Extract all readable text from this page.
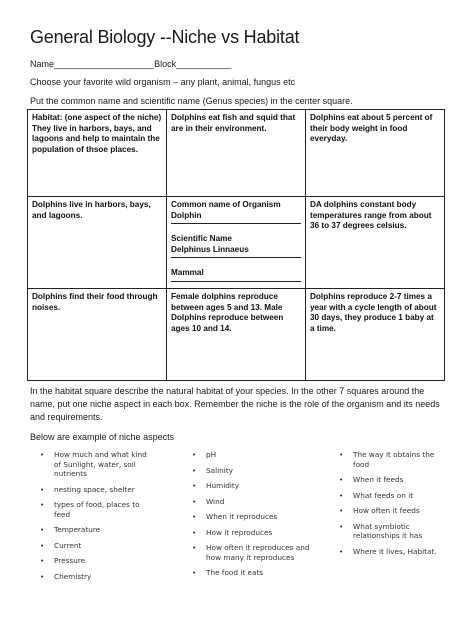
General Biology --Niche vs Habitat
Name____________________Block___________
Choose your favorite wild organism – any plant, animal, fungus etc
Put the common name and scientific name (Genus species) in the center square.
Habitat: (one aspect of the niche) They live in harbors, bays, and lagoons and help to maintain the population of thsoe places.	Dolphins eat fish and squid that are in their environment.	Dolphins eat about 5 percent of their body weight in food everyday.
Dolphins live in harbors, bays, and lagoons.	Common name of Organism
Dolphin
Scientific Name
Delphinus Linnaeus
Mammal	DA dolphins constant body temperatures range from about 36 to 37 degrees celsius.
Dolphins find their food through noises.	Female dolphins reproduce between ages 5 and 13. Male Dolphins reproduce between ages 10 and 14.	Dolphins reproduce 2-7 times a year with a cycle length of about 30 days, they produce 1 baby at a time.
In the habitat square describe the natural habitat of your species. In the other 7 squares around the name, put one niche aspect in each box. Remember the niche is the role of the organism and its needs and requirements.
Below are example of niche aspects
• How much and what kind of Sunlight, water, soil nutrients
• nesting space, shelter
• types of food, places to feed
• Temperature
• Current
• Pressure
• Chemistry
• pH
• Salinity
• Humidity
• Wind
• When it reproduces
• How it reproduces
• How often it reproduces and how many it reproduces
• The food it eats
• The way it obtains the food
• When it feeds
• What feeds on it
• How often it feeds
• What symbiotic relationships it has
• Where it lives, Habitat.
